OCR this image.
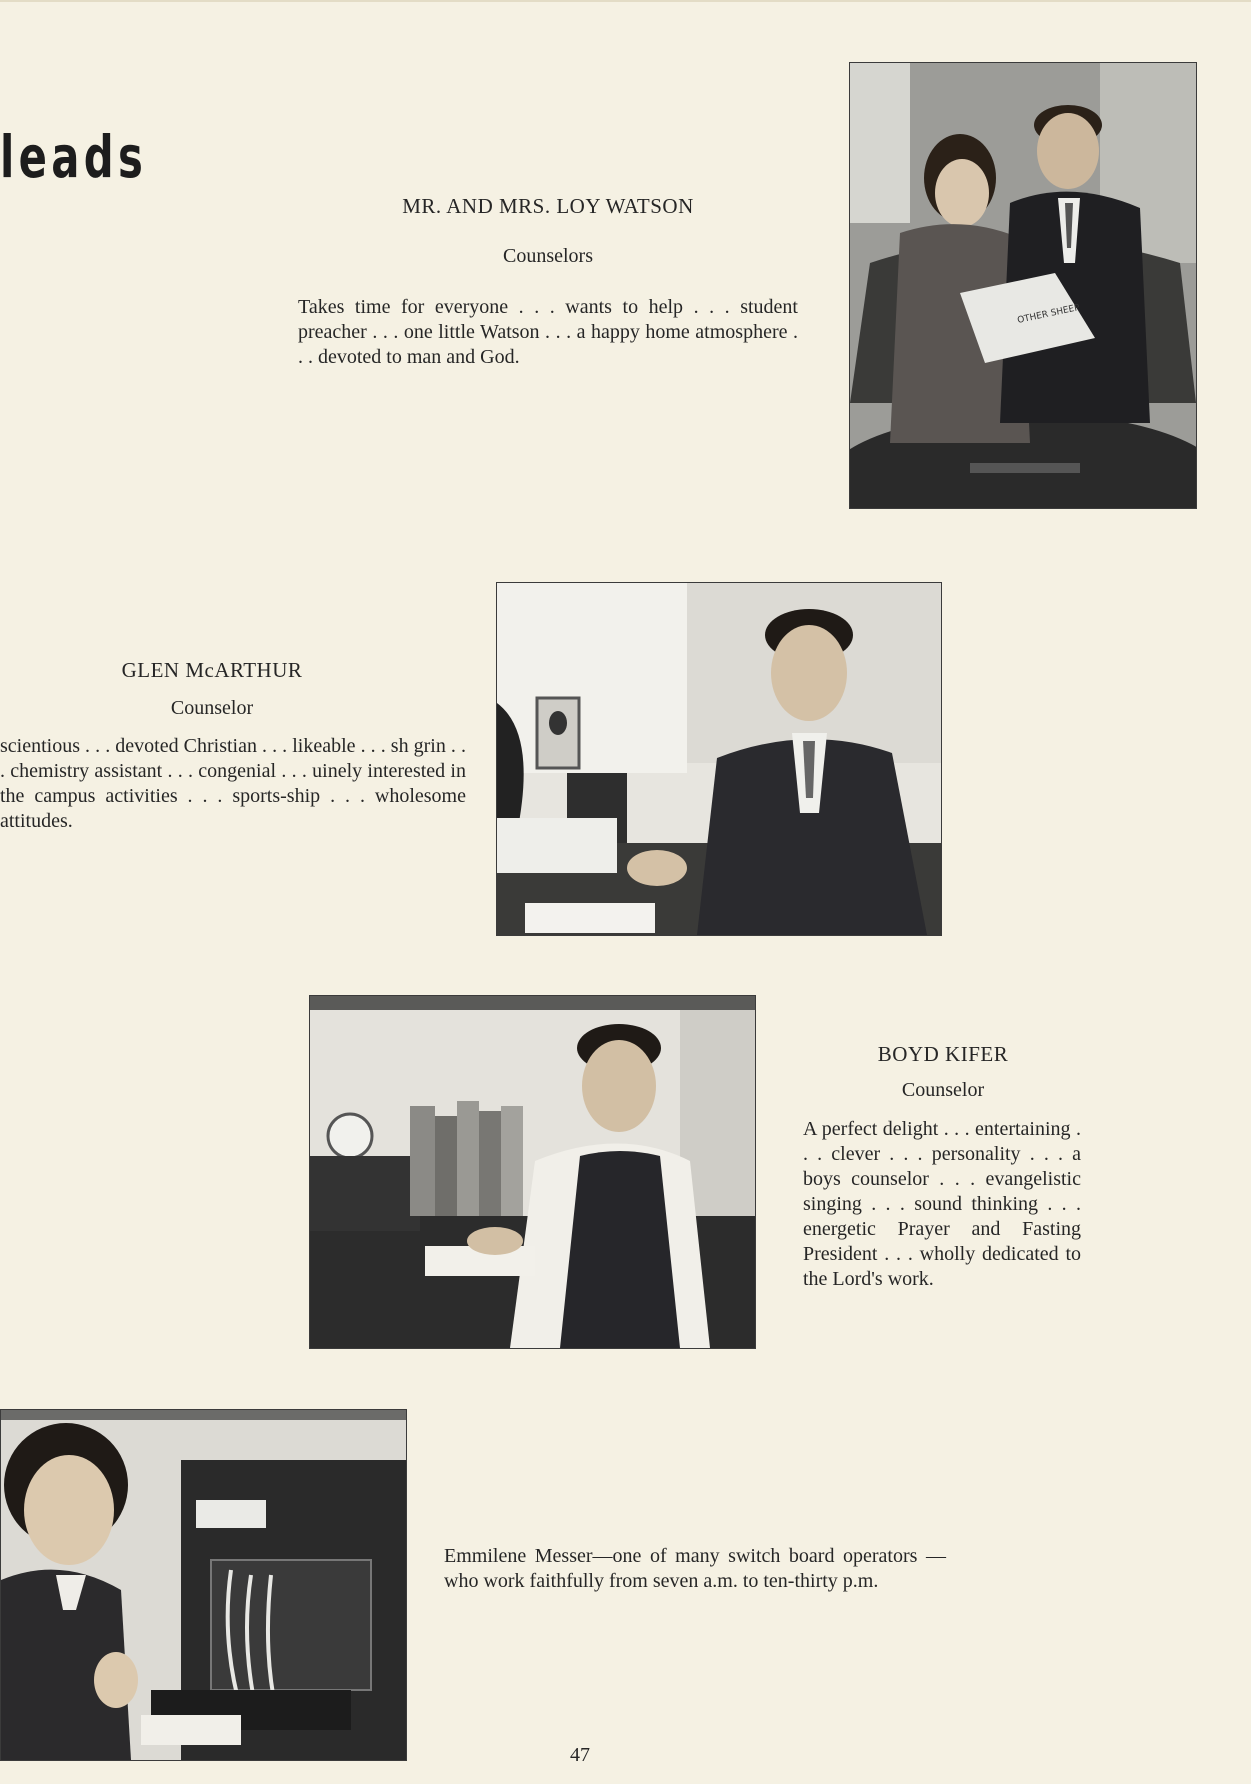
leads
OTHER SHEEP
MR. AND MRS. LOY WATSON
Counselors
Takes time for everyone . . . wants to help . . . student preacher . . . one little Watson . . . a happy home atmosphere . . . devoted to man and God.
GLEN McARTHUR
Counselor
scientious . . . devoted Christian . . . likeable . . . sh grin . . . chemistry assistant . . . congenial . . . uinely interested in the campus activities . . . sports-ship . . . wholesome attitudes.
BOYD KIFER
Counselor
A perfect delight . . . entertaining . . . clever . . . personality . . . a boys counselor . . . evangelistic singing . . . sound thinking . . . energetic Prayer and Fasting President . . . wholly dedicated to the Lord's work.
Emmilene Messer—one of many switch board operators —who work faithfully from seven a.m. to ten-thirty p.m.
47
